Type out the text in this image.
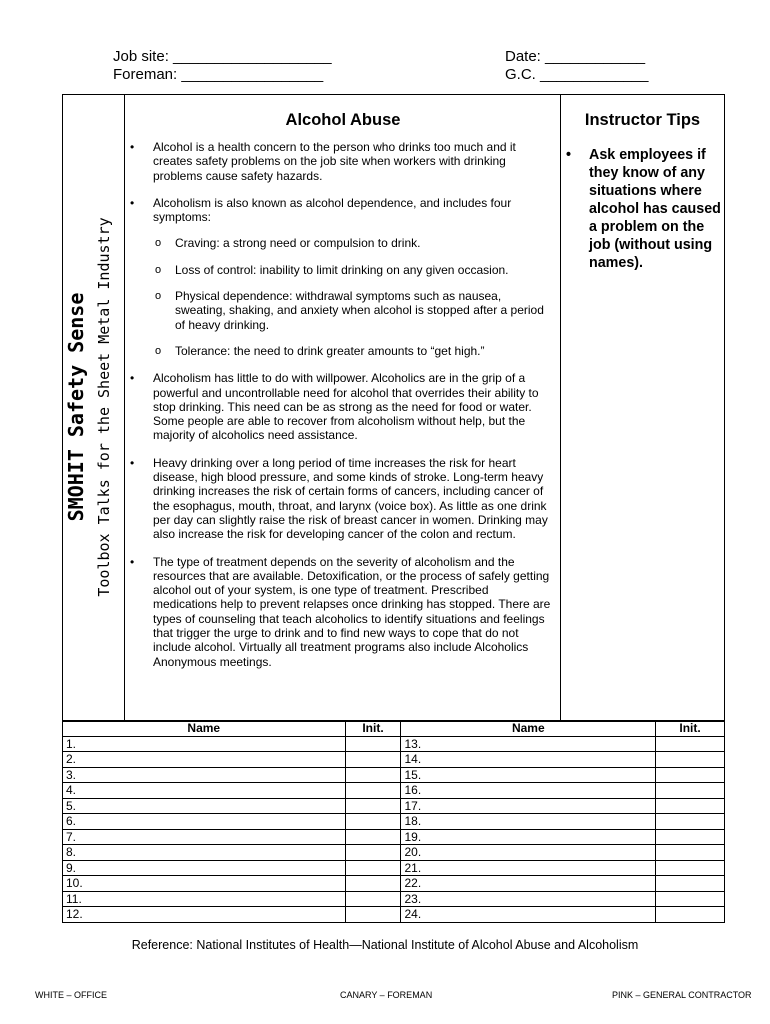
Job site: ___________________
Foreman: _________________
Date: ____________
G.C. _____________
SMOHIT Safety Sense Toolbox Talks for the Sheet Metal Industry
Alcohol Abuse
• Alcohol is a health concern to the person who drinks too much and it creates safety problems on the job site when workers with drinking problems cause safety hazards.
• Alcoholism is also known as alcohol dependence, and includes four symptoms:
o Craving: a strong need or compulsion to drink.
o Loss of control: inability to limit drinking on any given occasion.
o Physical dependence: withdrawal symptoms such as nausea, sweating, shaking, and anxiety when alcohol is stopped after a period of heavy drinking.
o Tolerance: the need to drink greater amounts to “get high.”
• Alcoholism has little to do with willpower. Alcoholics are in the grip of a powerful and uncontrollable need for alcohol that overrides their ability to stop drinking. This need can be as strong as the need for food or water. Some people are able to recover from alcoholism without help, but the majority of alcoholics need assistance.
• Heavy drinking over a long period of time increases the risk for heart disease, high blood pressure, and some kinds of stroke. Long-term heavy drinking increases the risk of certain forms of cancers, including cancer of the esophagus, mouth, throat, and larynx (voice box). As little as one drink per day can slightly raise the risk of breast cancer in women. Drinking may also increase the risk for developing cancer of the colon and rectum.
• The type of treatment depends on the severity of alcoholism and the resources that are available. Detoxification, or the process of safely getting alcohol out of your system, is one type of treatment. Prescribed medications help to prevent relapses once drinking has stopped. There are types of counseling that teach alcoholics to identify situations and feelings that trigger the urge to drink and to find new ways to cope that do not include alcohol. Virtually all treatment programs also include Alcoholics Anonymous meetings.
Instructor Tips
• Ask employees if they know of any situations where alcohol has caused a problem on the job (without using names).
Name	Init.	Name	Init.
1.		13.	
2.		14.	
3.		15.	
4.		16.	
5.		17.	
6.		18.	
7.		19.	
8.		20.	
9.		21.	
10.		22.	
11.		23.	
12.		24.	
Reference: National Institutes of Health—National Institute of Alcohol Abuse and Alcoholism
WHITE – OFFICE	CANARY – FOREMAN	PINK – GENERAL CONTRACTOR
